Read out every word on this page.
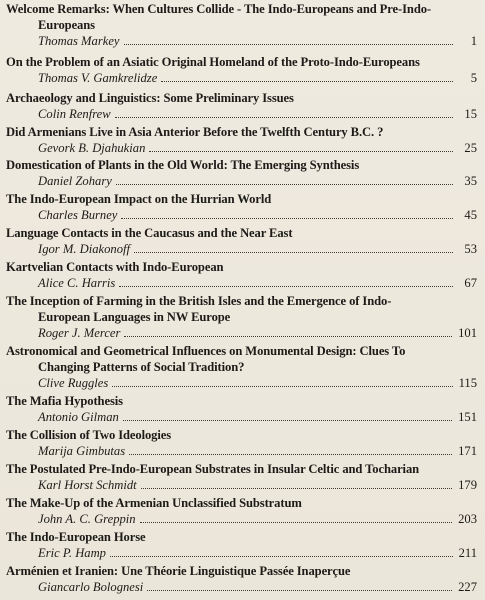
Welcome Remarks: When Cultures Collide - The Indo-Europeans and Pre-Indo-
Europeans
Thomas Markey	1
On the Problem of an Asiatic Original Homeland of the Proto-Indo-Europeans
Thomas V. Gamkrelidze	5
Archaeology and Linguistics: Some Preliminary Issues
Colin Renfrew	15
Did Armenians Live in Asia Anterior Before the Twelfth Century B.C. ?
Gevork B. Djahukian	25
Domestication of Plants in the Old World: The Emerging Synthesis
Daniel Zohary	35
The Indo-European Impact on the Hurrian World
Charles Burney	45
Language Contacts in the Caucasus and the Near East
Igor M. Diakonoff	53
Kartvelian Contacts with Indo-European
Alice C. Harris	67
The Inception of Farming in the British Isles and the Emergence of Indo-
European Languages in NW Europe
Roger J. Mercer	101
Astronomical and Geometrical Influences on Monumental Design: Clues To
Changing Patterns of Social Tradition?
Clive Ruggles	115
The Mafia Hypothesis
Antonio Gilman	151
The Collision of Two Ideologies
Marija Gimbutas	171
The Postulated Pre-Indo-European Substrates in Insular Celtic and Tocharian
Karl Horst Schmidt	179
The Make-Up of the Armenian Unclassified Substratum
John A. C. Greppin	203
The Indo-European Horse
Eric P. Hamp	211
Arménien et Iranien: Une Théorie Linguistique Passée Inaperçue
Giancarlo Bolognesi	227
